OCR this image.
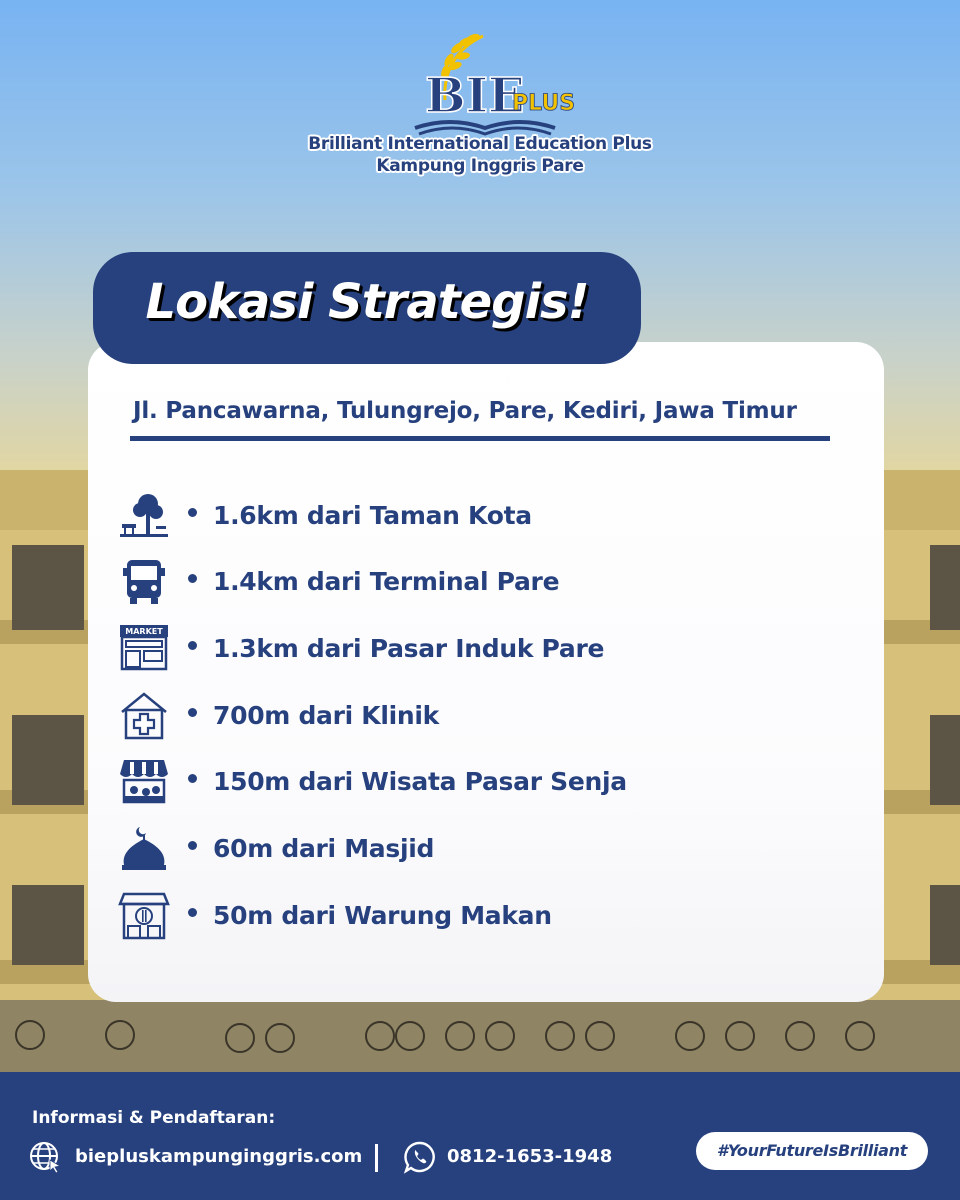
BIE
PLUS
Brilliant International Education Plus
Kampung Inggris Pare
Lokasi Strategis!
Jl. Pancawarna, Tulungrejo, Pare, Kediri, Jawa Timur
1.6km dari Taman Kota
1.4km dari Terminal Pare
MARKET
1.3km dari Pasar Induk Pare
700m dari Klinik
150m dari Wisata Pasar Senja
60m dari Masjid
50m dari Warung Makan
Informasi & Pendaftaran:
biepluskampunginggris.com	0812-1653-1948	#YourFutureIsBrilliant
